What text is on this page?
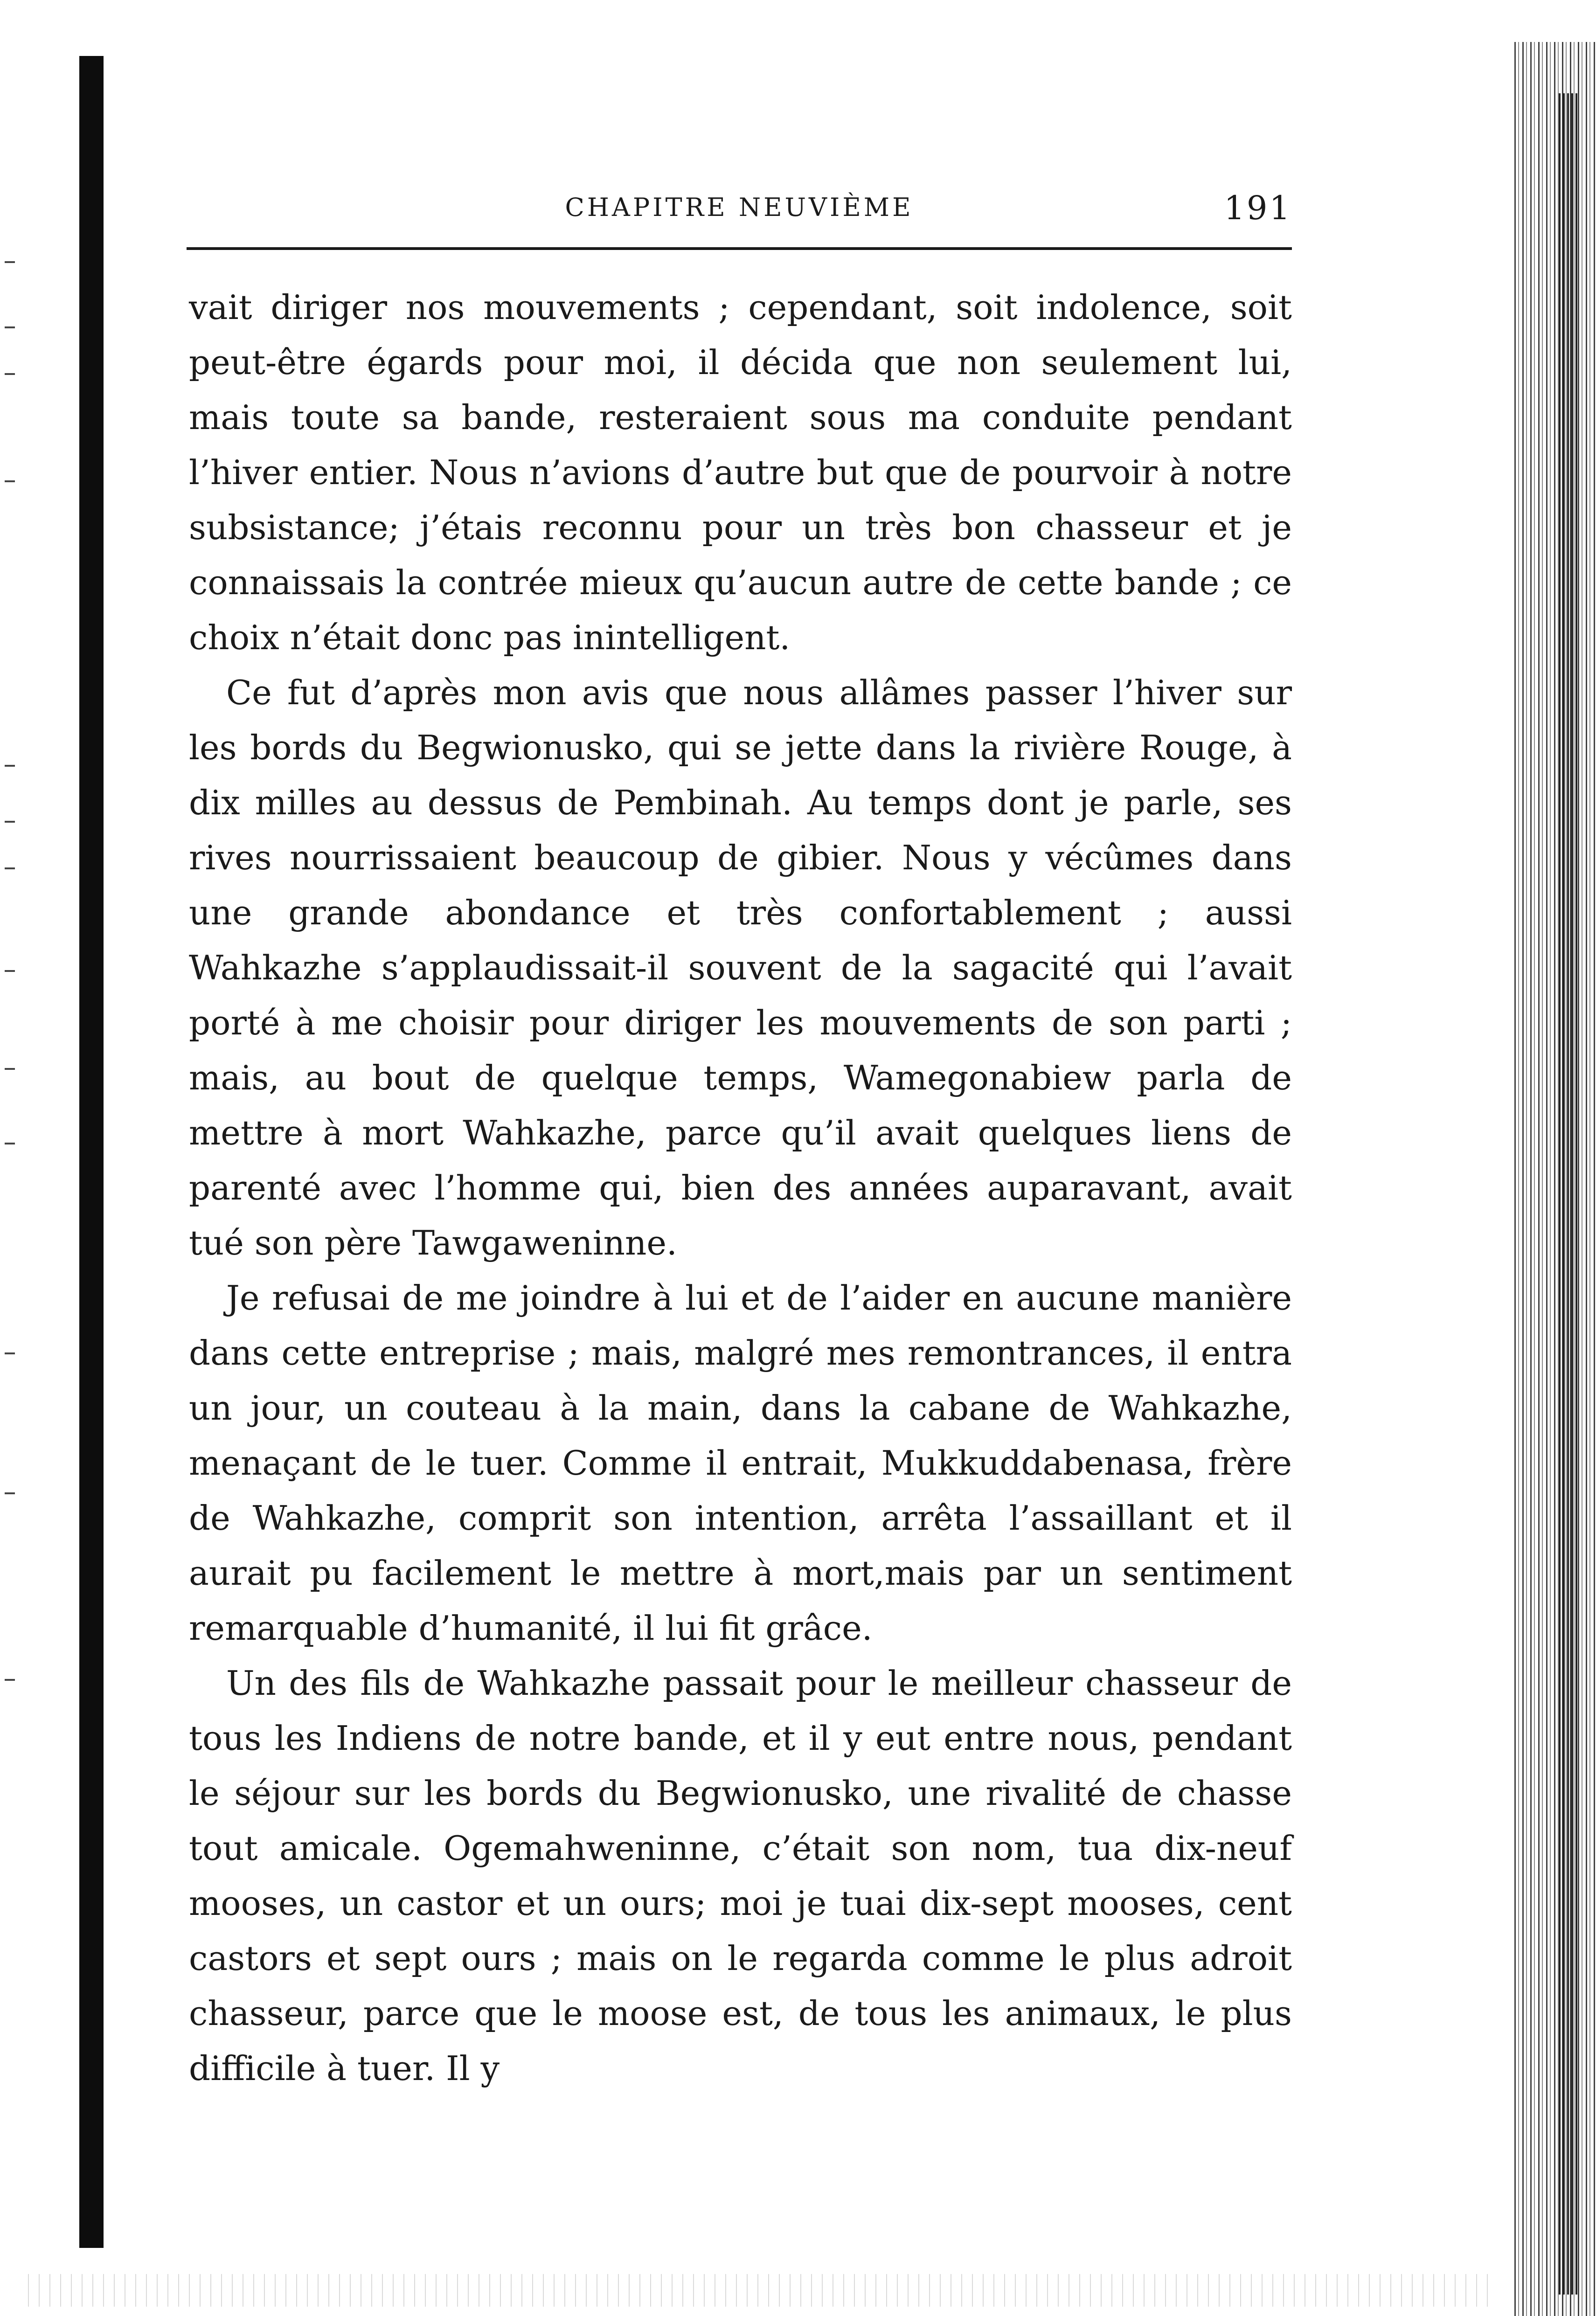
CHAPITRE NEUVIÈME	191

vait diriger nos mouvements ; cependant, soit indolence, soit peut-être égards pour moi, il décida que non seulement lui, mais toute sa bande, resteraient sous ma conduite pendant l’hiver entier. Nous n’avions d’autre but que de pourvoir à notre subsistance; j’étais reconnu pour un très bon chasseur et je connaissais la contrée mieux qu’aucun autre de cette bande ; ce choix n’était donc pas inintelligent.

Ce fut d’après mon avis que nous allâmes passer l’hiver sur les bords du Begwionusko, qui se jette dans la rivière Rouge, à dix milles au dessus de Pembinah. Au temps dont je parle, ses rives nourrissaient beaucoup de gibier. Nous y vécûmes dans une grande abondance et très confortablement ; aussi Wahkazhe s’applaudissait-il souvent de la sagacité qui l’avait porté à me choisir pour diriger les mouvements de son parti ; mais, au bout de quelque temps, Wamegonabiew parla de mettre à mort Wahkazhe, parce qu’il avait quelques liens de parenté avec l’homme qui, bien des années auparavant, avait tué son père Tawgaweninne.

Je refusai de me joindre à lui et de l’aider en aucune manière dans cette entreprise ; mais, malgré mes remontrances, il entra un jour, un couteau à la main, dans la cabane de Wahkazhe, menaçant de le tuer. Comme il entrait, Mukkuddabenasa, frère de Wahkazhe, comprit son intention, arrêta l’assaillant et il aurait pu facilement le mettre à mort,mais par un sentiment remarquable d’humanité, il lui fit grâce.

Un des fils de Wahkazhe passait pour le meilleur chasseur de tous les Indiens de notre bande, et il y eut entre nous, pendant le séjour sur les bords du Begwionusko, une rivalité de chasse tout amicale. Ogemahweninne, c’était son nom, tua dix-neuf mooses, un castor et un ours; moi je tuai dix-sept mooses, cent castors et sept ours ; mais on le regarda comme le plus adroit chasseur, parce que le moose est, de tous les animaux, le plus difficile à tuer. Il y
